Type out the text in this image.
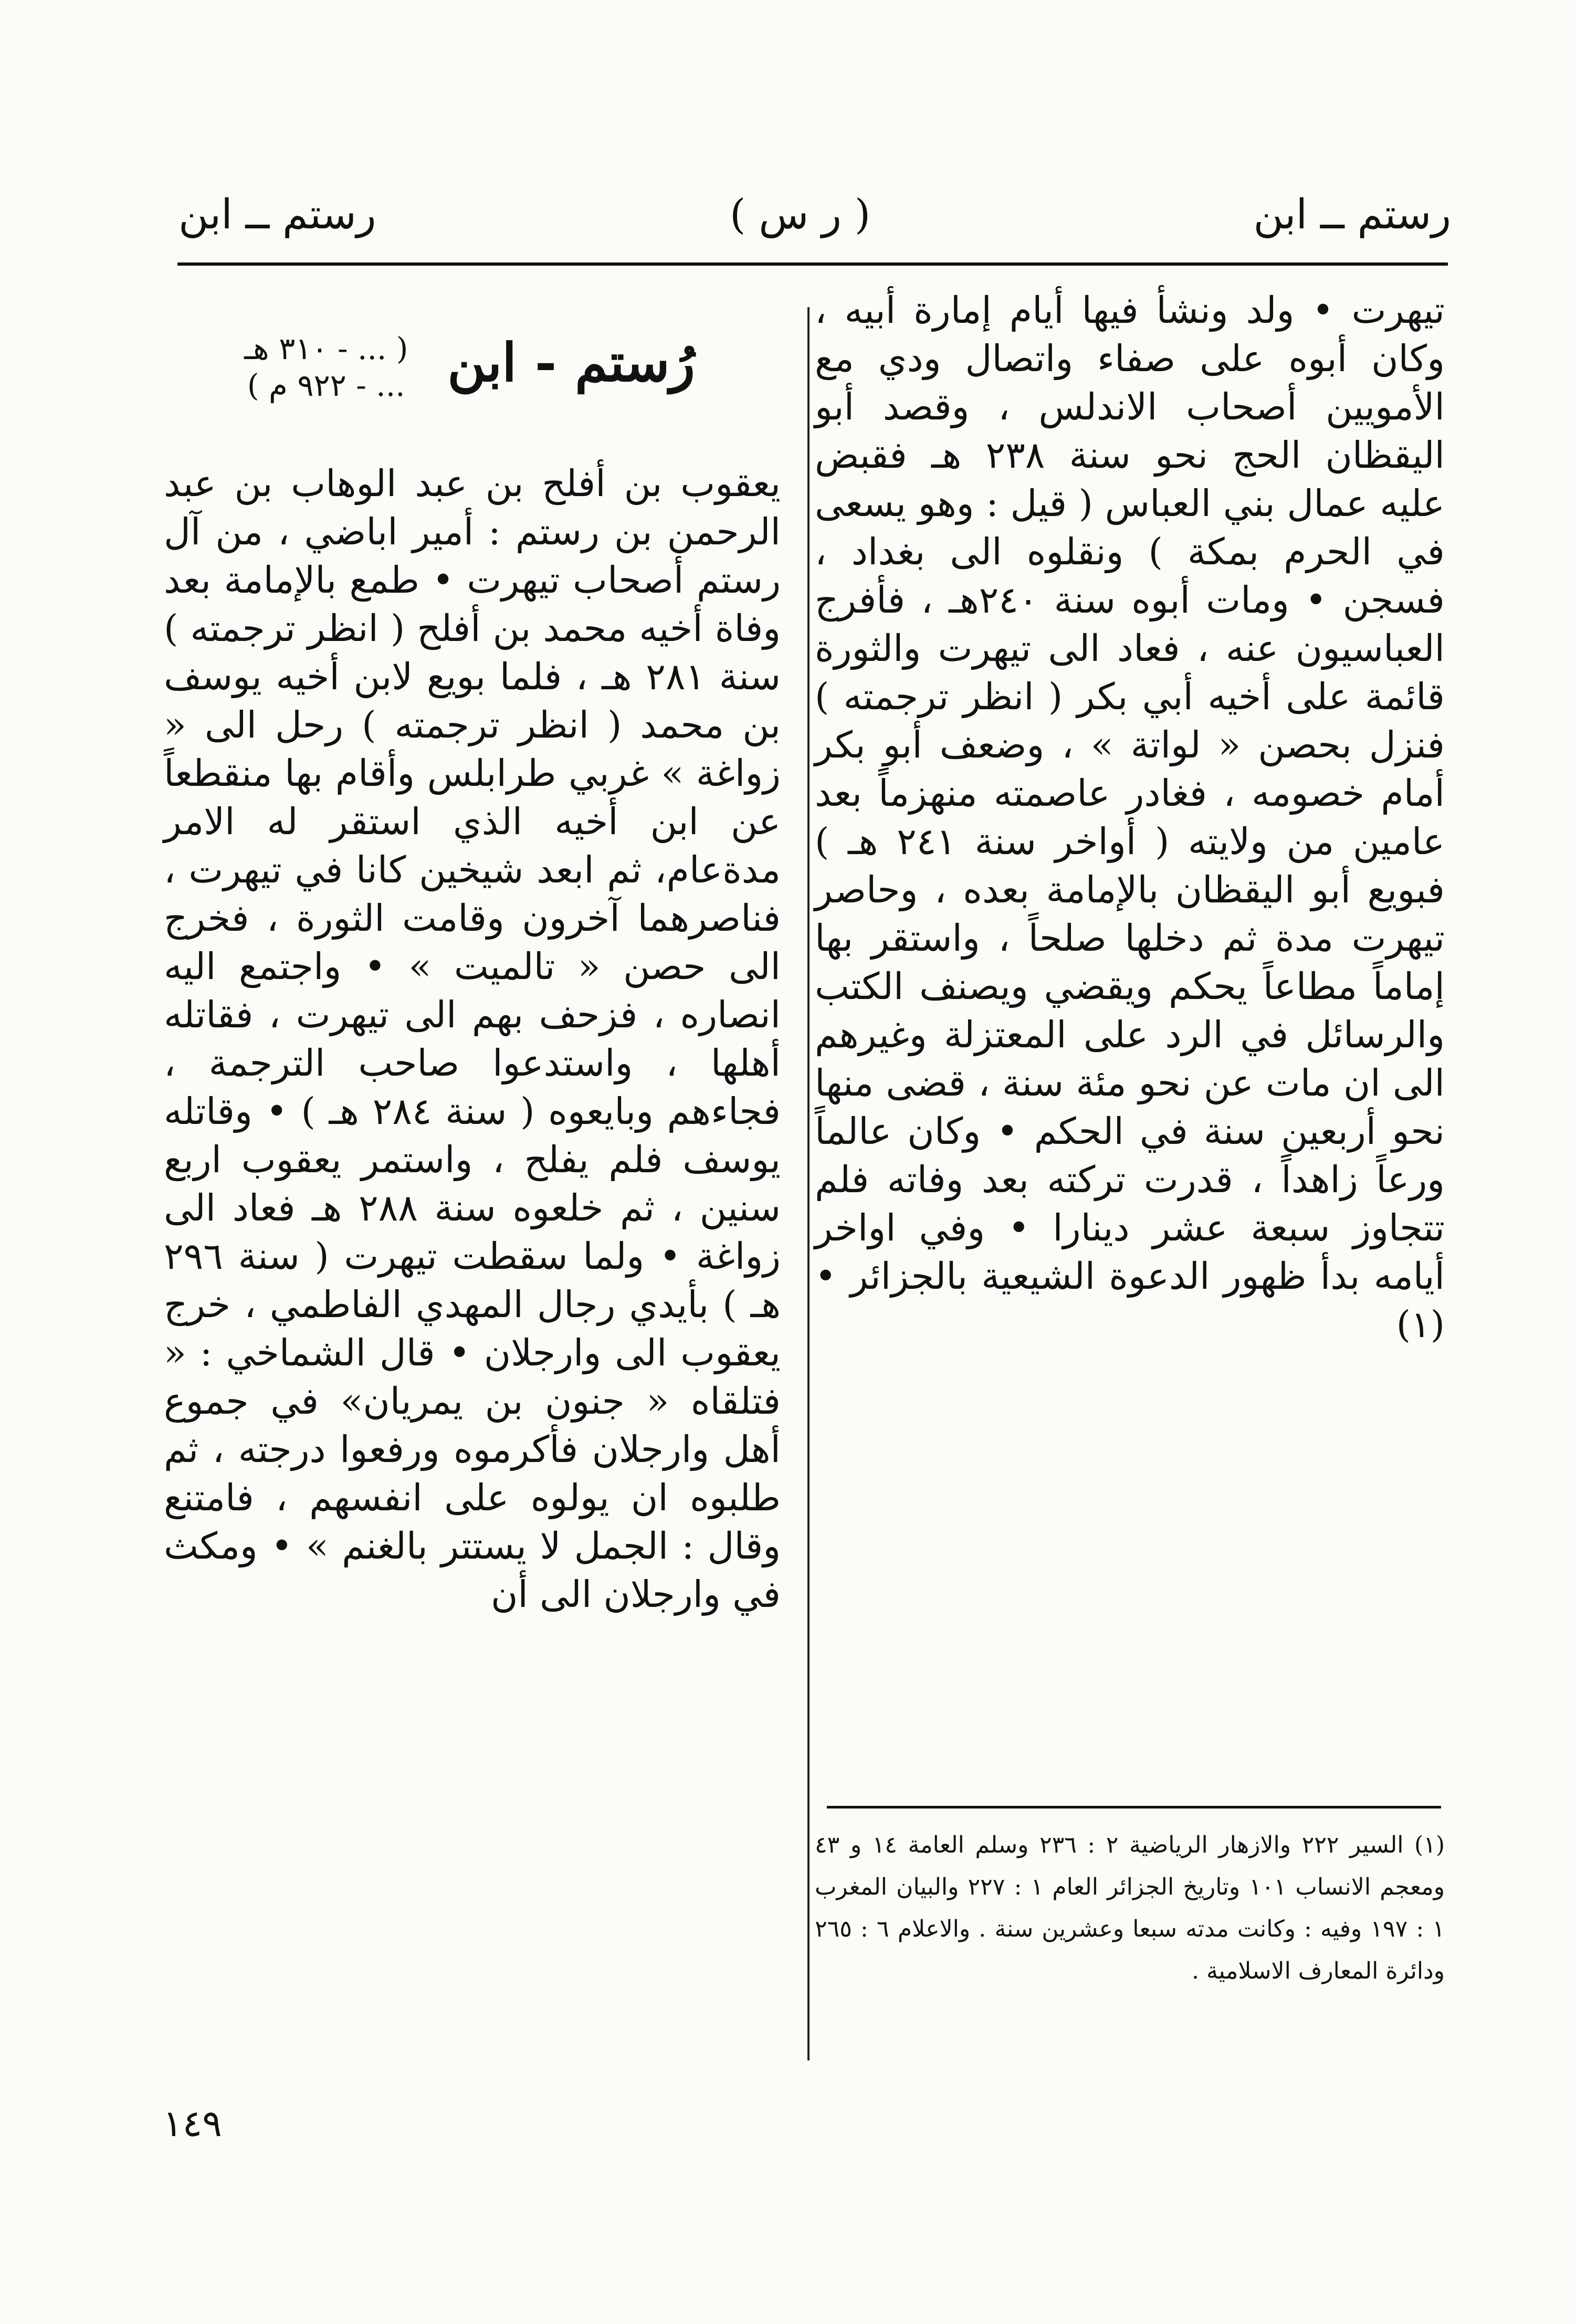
رستم ــ ابن
( ر س )
رستم ــ ابن
تيهرت • ولد ونشأ فيها أيام إمارة أبيه ، وكان أبوه على صفاء واتصال ودي مع الأمويين أصحاب الاندلس ، وقصد أبو اليقظان الحج نحو سنة ٢٣٨ هـ فقبض عليه عمال بني العباس ( قيل : وهو يسعى في الحرم بمكة ) ونقلوه الى بغداد ، فسجن • ومات أبوه سنة ٢٤٠هـ ، فأفرج العباسيون عنه ، فعاد الى تيهرت والثورة قائمة على أخيه أبي بكر ( انظر ترجمته ) فنزل بحصن « لواتة » ، وضعف أبو بكر أمام خصومه ، فغادر عاصمته منهزماً بعد عامين من ولايته ( أواخر سنة ٢٤١ هـ ) فبويع أبو اليقظان بالإمامة بعده ، وحاصر تيهرت مدة ثم دخلها صلحاً ، واستقر بها إماماً مطاعاً يحكم ويقضي ويصنف الكتب والرسائل في الرد على المعتزلة وغيرهم الى ان مات عن نحو مئة سنة ، قضى منها نحو أربعين سنة في الحكم • وكان عالماً ورعاً زاهداً ، قدرت تركته بعد وفاته فلم تتجاوز سبعة عشر دينارا • وفي اواخر أيامه بدأ ظهور الدعوة الشيعية بالجزائر • (١)
(١) السير ٢٢٢ والازهار الرياضية ٢ : ٢٣٦ وسلم العامة ١٤ و ٤٣ ومعجم الانساب ١٠١ وتاريخ الجزائر العام ١ : ٢٢٧ والبيان المغرب ١ : ١٩٧ وفيه : وكانت مدته سبعا وعشرين سنة . والاعلام ٦ : ٢٦٥ ودائرة المعارف الاسلامية .
رُستم - ابن
( ... - ٣١٠ هـ
... - ٩٢٢ م )
يعقوب بن أفلح بن عبد الوهاب بن عبد الرحمن بن رستم : أمير اباضي ، من آل رستم أصحاب تيهرت • طمع بالإمامة بعد وفاة أخيه محمد بن أفلح ( انظر ترجمته ) سنة ٢٨١ هـ ، فلما بويع لابن أخيه يوسف بن محمد ( انظر ترجمته ) رحل الى « زواغة » غربي طرابلس وأقام بها منقطعاً عن ابن أخيه الذي استقر له الامر مدةعام، ثم ابعد شيخين كانا في تيهرت ، فناصرهما آخرون وقامت الثورة ، فخرج الى حصن « تالميت » • واجتمع اليه انصاره ، فزحف بهم الى تيهرت ، فقاتله أهلها ، واستدعوا صاحب الترجمة ، فجاءهم وبايعوه ( سنة ٢٨٤ هـ ) • وقاتله يوسف فلم يفلح ، واستمر يعقوب اربع سنين ، ثم خلعوه سنة ٢٨٨ هـ فعاد الى زواغة • ولما سقطت تيهرت ( سنة ٢٩٦ هـ ) بأيدي رجال المهدي الفاطمي ، خرج يعقوب الى وارجلان • قال الشماخي : « فتلقاه « جنون بن يمريان» في جموع أهل وارجلان فأكرموه ورفعوا درجته ، ثم طلبوه ان يولوه على انفسهم ، فامتنع وقال : الجمل لا يستتر بالغنم » • ومكث في وارجلان الى أن
١٤٩
